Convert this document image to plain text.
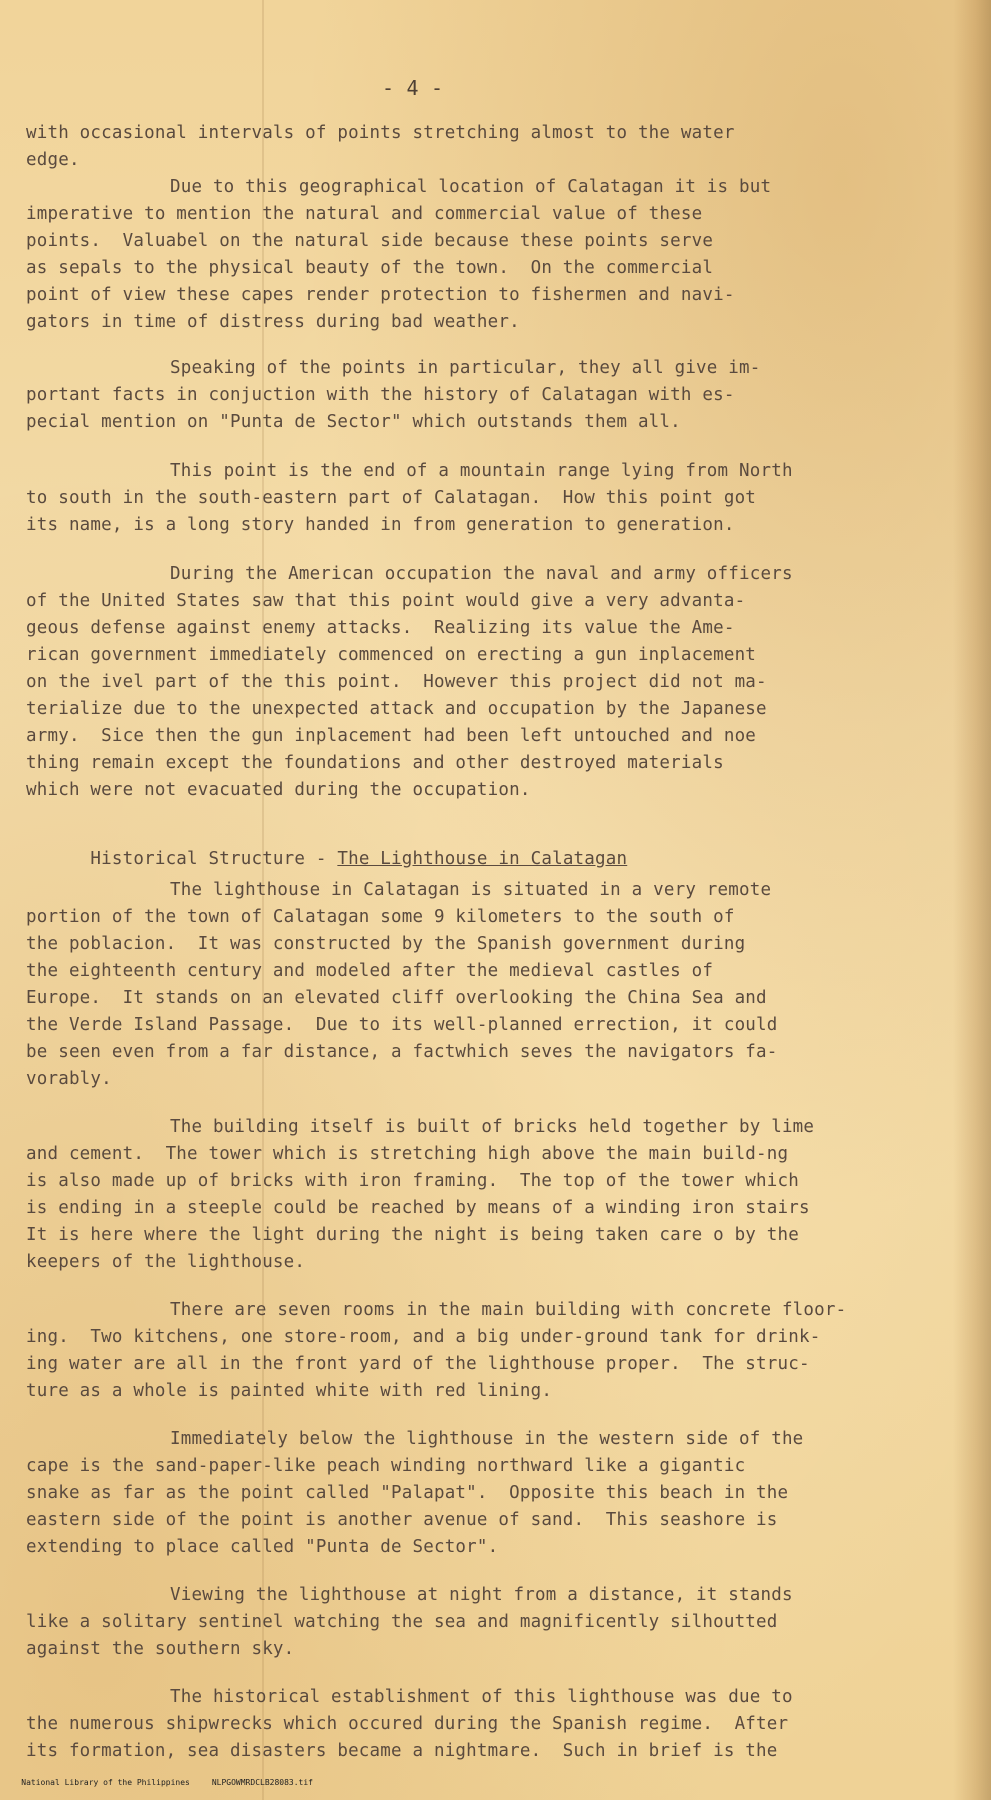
- 4 -

Historical Structure - The Lighthouse in Calatagan

with occasional intervals of points stretching almost to the water
edge.
Due to this geographical location of Calatagan it is but
imperative to mention the natural and commercial value of these
points.  Valuabel on the natural side because these points serve
as sepals to the physical beauty of the town.  On the commercial
point of view these capes render protection to fishermen and navi-
gators in time of distress during bad weather.
Speaking of the points in particular, they all give im-
portant facts in conjuction with the history of Calatagan with es-
pecial mention on "Punta de Sector" which outstands them all.
This point is the end of a mountain range lying from North
to south in the south-eastern part of Calatagan.  How this point got
its name, is a long story handed in from generation to generation.
During the American occupation the naval and army officers
of the United States saw that this point would give a very advanta-
geous defense against enemy attacks.  Realizing its value the Ame-
rican government immediately commenced on erecting a gun inplacement
on the ivel part of the this point.  However this project did not ma-
terialize due to the unexpected attack and occupation by the Japanese
army.  Sice then the gun inplacement had been left untouched and noe
thing remain except the foundations and other destroyed materials
which were not evacuated during the occupation.
The lighthouse in Calatagan is situated in a very remote
portion of the town of Calatagan some 9 kilometers to the south of
the poblacion.  It was constructed by the Spanish government during
the eighteenth century and modeled after the medieval castles of
Europe.  It stands on an elevated cliff overlooking the China Sea and
the Verde Island Passage.  Due to its well-planned errection, it could
be seen even from a far distance, a factwhich seves the navigators fa-
vorably.
The building itself is built of bricks held together by lime
and cement.  The tower which is stretching high above the main build-ng
is also made up of bricks with iron framing.  The top of the tower which
is ending in a steeple could be reached by means of a winding iron stairs
It is here where the light during the night is being taken care o by the
keepers of the lighthouse.
There are seven rooms in the main building with concrete floor-
ing.  Two kitchens, one store-room, and a big under-ground tank for drink-
ing water are all in the front yard of the lighthouse proper.  The struc-
ture as a whole is painted white with red lining.
Immediately below the lighthouse in the western side of the
cape is the sand-paper-like peach winding northward like a gigantic
snake as far as the point called "Palapat".  Opposite this beach in the
eastern side of the point is another avenue of sand.  This seashore is
extending to place called "Punta de Sector".
Viewing the lighthouse at night from a distance, it stands
like a solitary sentinel watching the sea and magnificently silhoutted
against the southern sky.
The historical establishment of this lighthouse was due to
the numerous shipwrecks which occured during the Spanish regime.  After
its formation, sea disasters became a nightmare.  Such in brief is the

National Library of the Philippines	NLPGOWMRDCLB28083.tif
